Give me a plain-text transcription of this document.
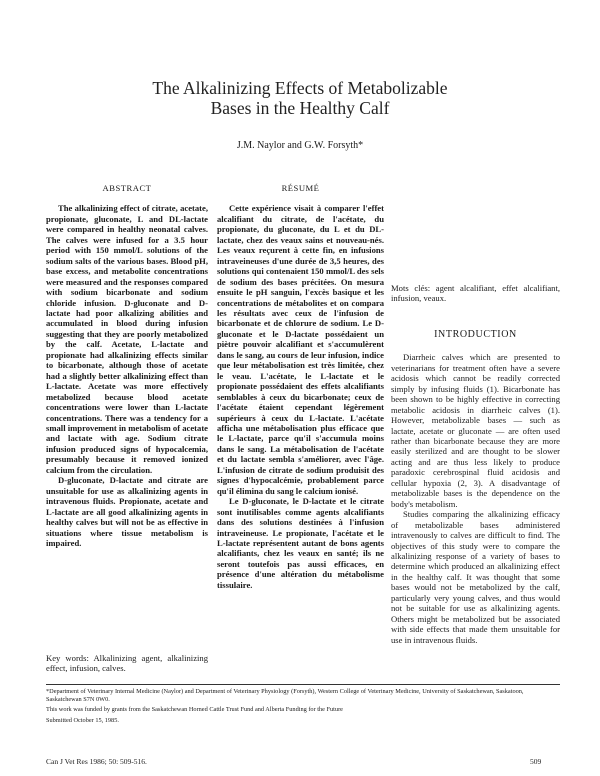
The Alkalinizing Effects of Metabolizable
Bases in the Healthy Calf
J.M. Naylor and G.W. Forsyth*
ABSTRACT

The alkalinizing effect of citrate, acetate, propionate, gluconate, L and DL-lactate were compared in healthy neonatal calves. The calves were infused for a 3.5 hour period with 150 mmol/L solutions of the sodium salts of the various bases. Blood pH, base excess, and metabolite concentrations were measured and the responses compared with sodium bicarbonate and sodium chloride infusion. D-gluconate and D-lactate had poor alkalizing abilities and accumulated in blood during infusion suggesting that they are poorly metabolized by the calf. Acetate, L-lactate and propionate had alkalinizing effects similar to bicarbonate, although those of acetate had a slightly better alkalinizing effect than L-lactate. Acetate was more effectively metabolized because blood acetate concentrations were lower than L-lactate concentrations. There was a tendency for a small improvement in metabolism of acetate and lactate with age. Sodium citrate infusion produced signs of hypocalcemia, presumably because it removed ionized calcium from the circulation.

D-gluconate, D-lactate and citrate are unsuitable for use as alkalinizing agents in intravenous fluids. Propionate, acetate and L-lactate are all good alkalinizing agents in healthy calves but will not be as effective in situations where tissue metabolism is impaired.

Key words: Alkalinizing agent, alkalinizing effect, infusion, calves.
RÉSUMÉ

Cette expérience visait à comparer l'effet alcalifiant du citrate, de l'acétate, du propionate, du gluconate, du L et du DL-lactate, chez des veaux sains et nouveau-nés. Les veaux reçurent à cette fin, en infusions intraveineuses d'une durée de 3,5 heures, des solutions qui contenaient 150 mmol/L des sels de sodium des bases précitées. On mesura ensuite le pH sanguin, l'excès basique et les concentrations de métabolites et on compara les résultats avec ceux de l'infusion de bicarbonate et de chlorure de sodium. Le D-gluconate et le D-lactate possédaient un piètre pouvoir alcalifiant et s'accumulèrent dans le sang, au cours de leur infusion, indice que leur métabolisation est très limitée, chez le veau. L'acétate, le L-lactate et le propionate possédaient des effets alcalifiants semblables à ceux du bicarbonate; ceux de l'acétate étaient cependant légèrement supérieurs à ceux du L-lactate. L'acétate afficha une métabolisation plus efficace que le L-lactate, parce qu'il s'accumula moins dans le sang. La métabolisation de l'acétate et du lactate sembla s'améliorer, avec l'âge. L'infusion de citrate de sodium produisit des signes d'hypocalcémie, probablement parce qu'il élimina du sang le calcium ionisé.

Le D-gluconate, le D-lactate et le citrate sont inutilisables comme agents alcalifiants dans des solutions destinées à l'infusion intraveineuse. Le propionate, l'acétate et le L-lactate représentent autant de bons agents alcalifiants, chez les veaux en santé; ils ne seront toutefois pas aussi efficaces, en présence d'une altération du métabolisme tissulaire.

Mots clés: agent alcalifiant, effet alcalifiant, infusion, veaux.

INTRODUCTION

Diarrheic calves which are presented to veterinarians for treatment often have a severe acidosis which cannot be readily corrected simply by infusing fluids (1). Bicarbonate has been shown to be highly effective in correcting metabolic acidosis in diarrheic calves (1). However, metabolizable bases — such as lactate, acetate or gluconate — are often used rather than bicarbonate because they are more easily sterilized and are thought to be slower acting and are thus less likely to produce paradoxic cerebrospinal fluid acidosis and cellular hypoxia (2, 3). A disadvantage of metabolizable bases is the dependence on the body's metabolism.

Studies comparing the alkalinizing efficacy of metabolizable bases administered intravenously to calves are difficult to find. The objectives of this study were to compare the alkalinizing response of a variety of bases to determine which produced an alkalinizing effect in the healthy calf. It was thought that some bases would not be metabolized by the calf, particularly very young calves, and thus would not be suitable for use as alkalinizing agents. Others might be metabolized but be associated with side effects that made them unsuitable for use in intravenous fluids.

*Department of Veterinary Internal Medicine (Naylor) and Department of Veterinary Physiology (Forsyth), Western College of Veterinary Medicine, University of Saskatchewan, Saskatoon, Saskatchewan S7N 0W0.

This work was funded by grants from the Saskatchewan Horned Cattle Trust Fund and Alberta Funding for the Future

Submitted October 15, 1985.

Can J Vet Res 1986; 50: 509-516.	509
